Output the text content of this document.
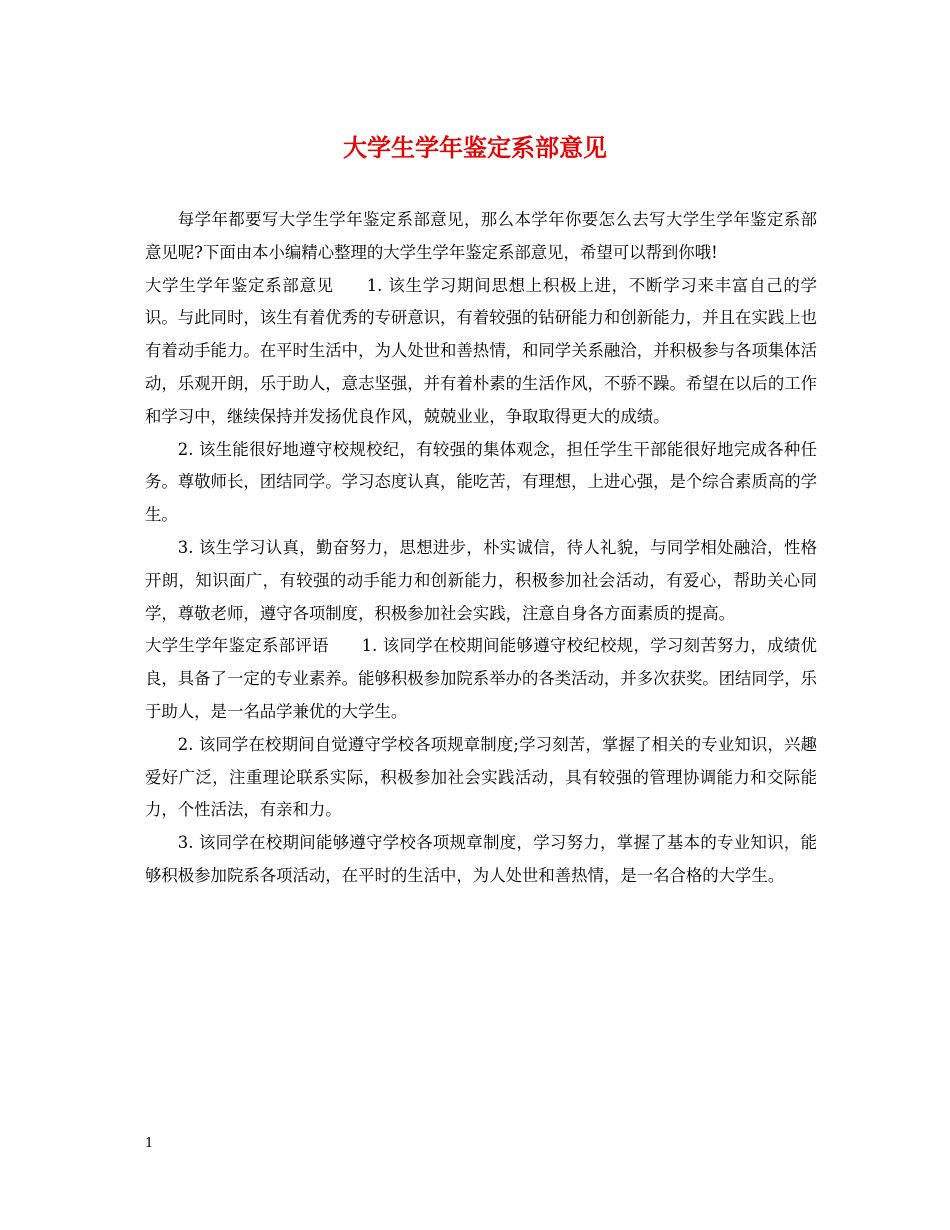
大学生学年鉴定系部意见

每学年都要写大学生学年鉴定系部意见，那么本学年你要怎么去写大学生学年鉴定系部意见呢?下面由本小编精心整理的大学生学年鉴定系部意见，希望可以帮到你哦!

大学生学年鉴定系部意见 1. 该生学习期间思想上积极上进，不断学习来丰富自己的学识。与此同时，该生有着优秀的专研意识，有着较强的钻研能力和创新能力，并且在实践上也有着动手能力。在平时生活中，为人处世和善热情，和同学关系融洽，并积极参与各项集体活动，乐观开朗，乐于助人，意志坚强，并有着朴素的生活作风，不骄不躁。希望在以后的工作和学习中，继续保持并发扬优良作风，兢兢业业，争取取得更大的成绩。

2. 该生能很好地遵守校规校纪，有较强的集体观念，担任学生干部能很好地完成各种任务。尊敬师长，团结同学。学习态度认真，能吃苦，有理想，上进心强，是个综合素质高的学生。

3. 该生学习认真，勤奋努力，思想进步，朴实诚信，待人礼貌，与同学相处融洽，性格开朗，知识面广，有较强的动手能力和创新能力，积极参加社会活动，有爱心，帮助关心同学，尊敬老师，遵守各项制度，积极参加社会实践，注意自身各方面素质的提高。

大学生学年鉴定系部评语 1. 该同学在校期间能够遵守校纪校规，学习刻苦努力，成绩优良，具备了一定的专业素养。能够积极参加院系举办的各类活动，并多次获奖。团结同学，乐于助人，是一名品学兼优的大学生。

2. 该同学在校期间自觉遵守学校各项规章制度;学习刻苦，掌握了相关的专业知识，兴趣爱好广泛，注重理论联系实际，积极参加社会实践活动，具有较强的管理协调能力和交际能力，个性活法，有亲和力。

3. 该同学在校期间能够遵守学校各项规章制度，学习努力，掌握了基本的专业知识，能够积极参加院系各项活动，在平时的生活中，为人处世和善热情，是一名合格的大学生。

1
